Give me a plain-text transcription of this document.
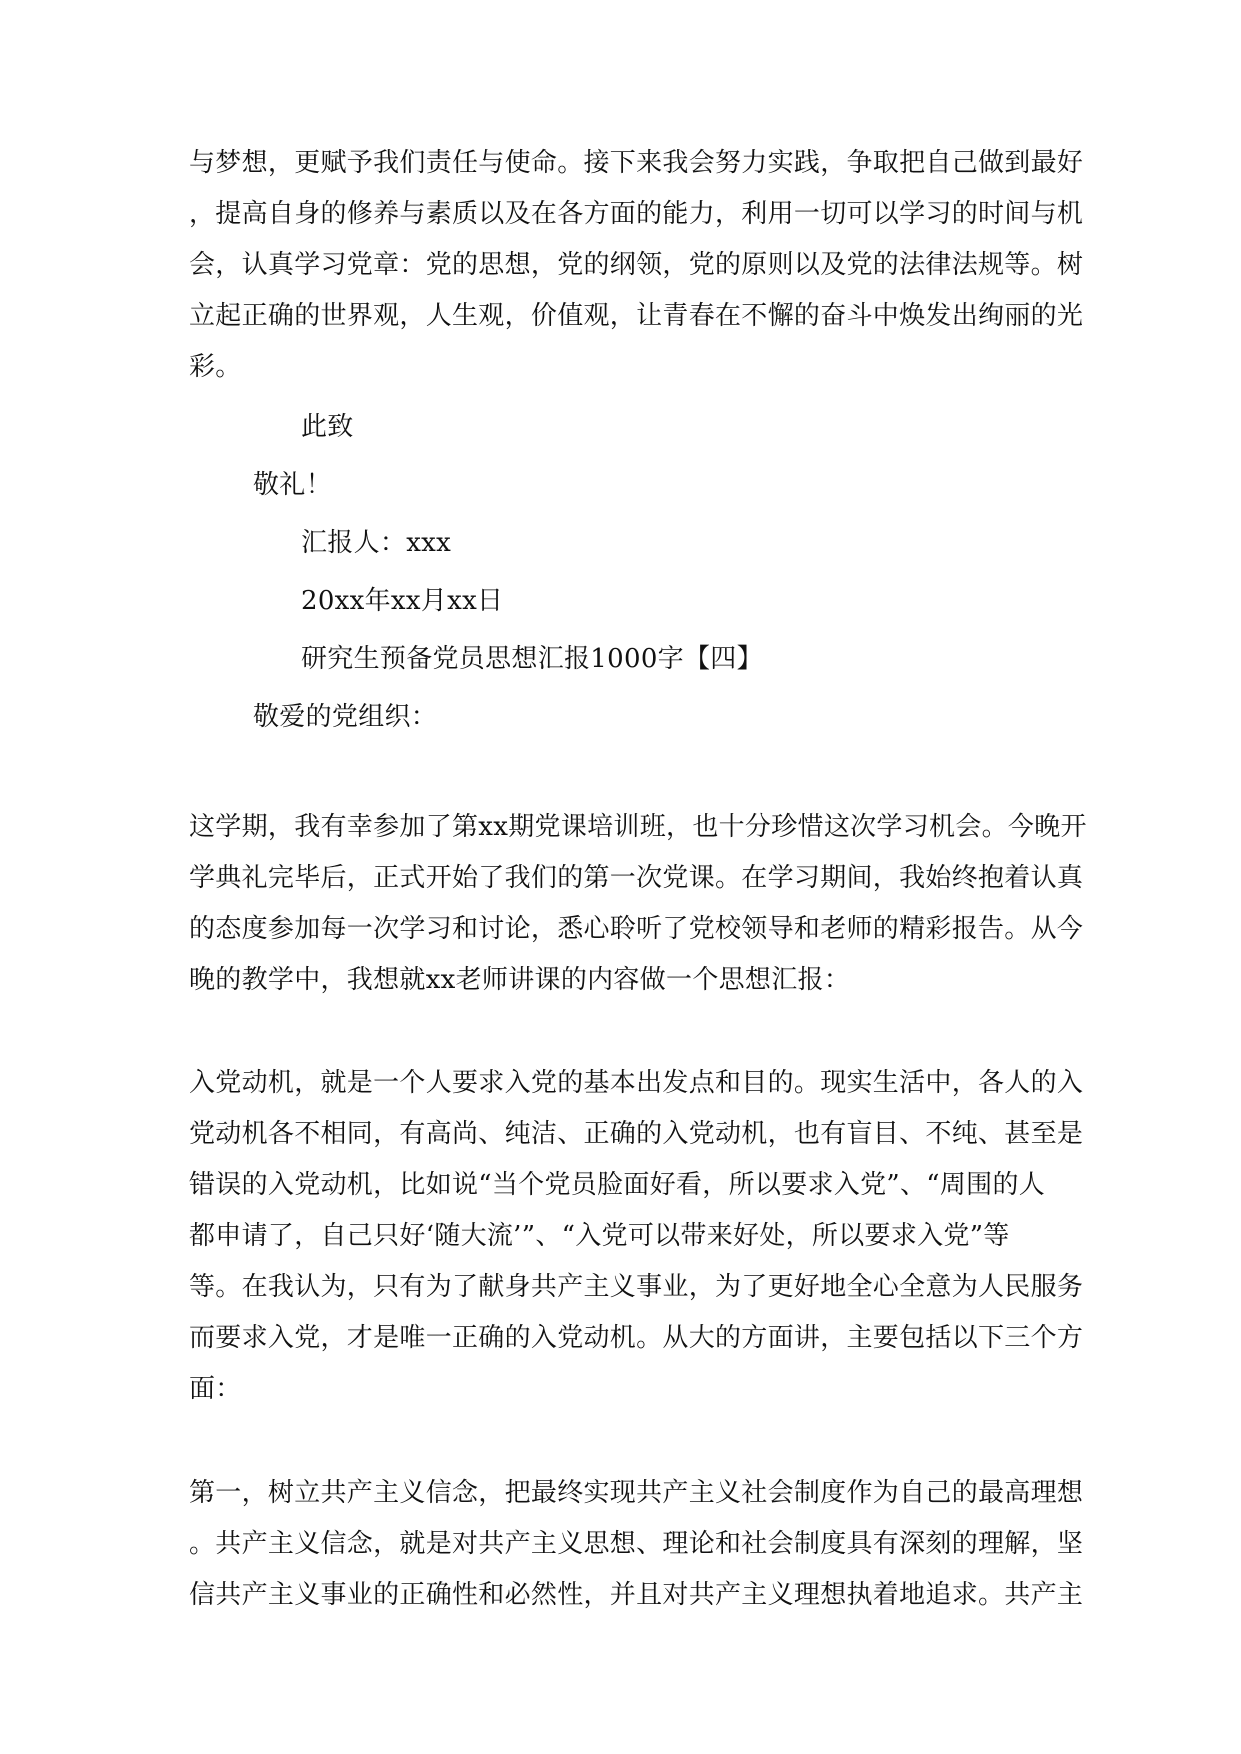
与梦想，更赋予我们责任与使命。接下来我会努力实践，争取把自己做到最好

，提高自身的修养与素质以及在各方面的能力，利用一切可以学习的时间与机

会，认真学习党章：党的思想，党的纲领，党的原则以及党的法律法规等。树

立起正确的世界观，人生观，价值观，让青春在不懈的奋斗中焕发出绚丽的光

彩。

此致

敬礼！

汇报人：xxx

20xx年xx月xx日

研究生预备党员思想汇报1000字【四】

敬爱的党组织：

这学期，我有幸参加了第xx期党课培训班，也十分珍惜这次学习机会。今晚开

学典礼完毕后，正式开始了我们的第一次党课。在学习期间，我始终抱着认真

的态度参加每一次学习和讨论，悉心聆听了党校领导和老师的精彩报告。从今

晚的教学中，我想就xx老师讲课的内容做一个思想汇报：

入党动机，就是一个人要求入党的基本出发点和目的。现实生活中，各人的入

党动机各不相同，有高尚、纯洁、正确的入党动机，也有盲目、不纯、甚至是

错误的入党动机，比如说“当个党员脸面好看，所以要求入党”、“周围的人

都申请了，自己只好‘随大流’”、“入党可以带来好处，所以要求入党”等

等。在我认为，只有为了献身共产主义事业，为了更好地全心全意为人民服务

而要求入党，才是唯一正确的入党动机。从大的方面讲，主要包括以下三个方

面：

第一，树立共产主义信念，把最终实现共产主义社会制度作为自己的最高理想

。共产主义信念，就是对共产主义思想、理论和社会制度具有深刻的理解，坚

信共产主义事业的正确性和必然性，并且对共产主义理想执着地追求。共产主
